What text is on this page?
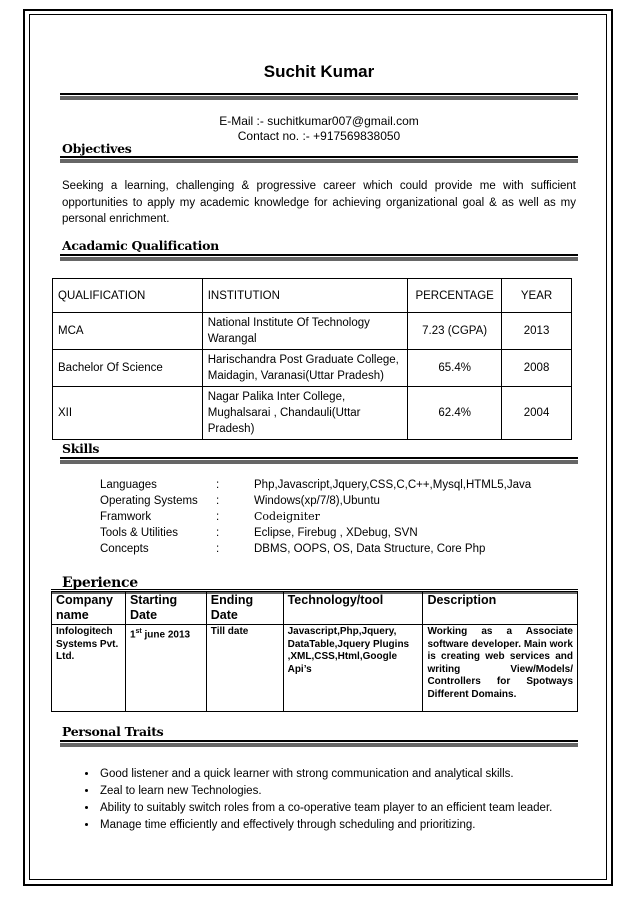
Suchit Kumar
E-Mail :- suchitkumar007@gmail.com
Contact no. :- +917569838050
Objectives
Seeking a learning, challenging & progressive career which could provide me with sufficient opportunities to apply my academic knowledge for achieving organizational goal & as well as my personal enrichment.
Acadamic Qualification
QUALIFICATION	INSTITUTION	PERCENTAGE	YEAR
MCA	National Institute Of Technology Warangal	7.23 (CGPA)	2013
Bachelor Of Science	Harischandra Post Graduate College, Maidagin, Varanasi(Uttar Pradesh)	65.4%	2008
XII	Nagar Palika Inter College, Mughalsarai , Chandauli(Uttar Pradesh)	62.4%	2004
Skills
Languages	:	Php,Javascript,Jquery,CSS,C,C++,Mysql,HTML5,Java
Operating Systems	:	Windows(xp/7/8),Ubuntu
Framwork	:	Codeigniter
Tools & Utilities	:	Eclipse, Firebug , XDebug, SVN
Concepts	:	DBMS, OOPS, OS, Data Structure, Core Php
Eperience
Company name	Starting Date	Ending Date	Technology/tool	Description
Infologitech Systems Pvt. Ltd.	1st june 2013	Till date	Javascript,Php,Jquery, DataTable,Jquery Plugins ,XML,CSS,Html,Google Api’s	Working as a Associate software developer. Main work is creating web services and writing View/Models/ Controllers for Spotways Different Domains.
Personal Traits
• Good listener and a quick learner with strong communication and analytical skills.
• Zeal to learn new Technologies.
• Ability to suitably switch roles from a co-operative team player to an efficient team leader.
• Manage time efficiently and effectively through scheduling and prioritizing.
